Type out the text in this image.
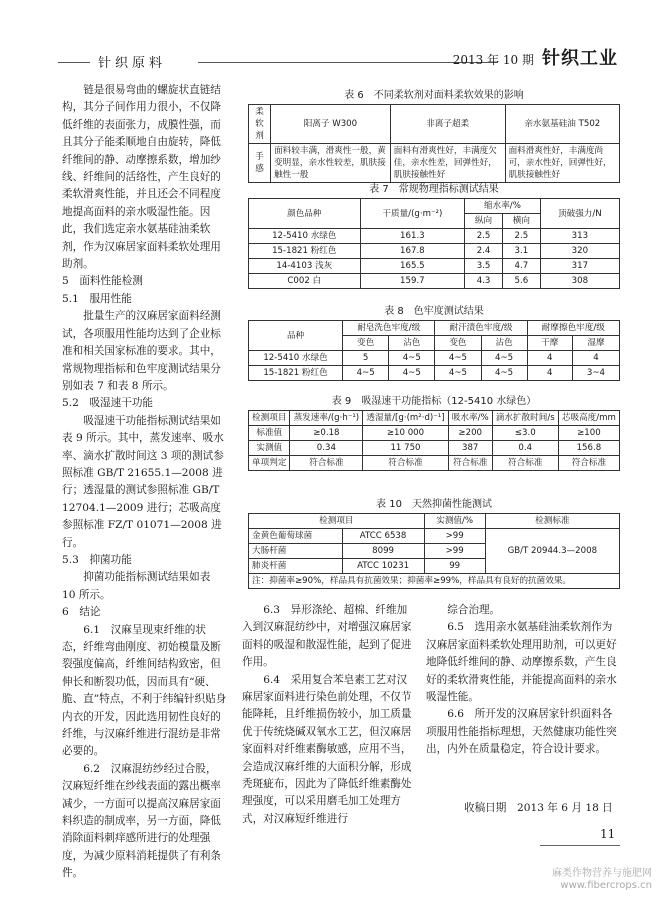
针织原料	2013 年 10 期 针织工业

链是很易弯曲的螺旋状直链结构，其分子间作用力很小，不仅降低纤维的表面张力，成膜性强，而且其分子能柔顺地自由旋转，降低纤维间的静、动摩擦系数，增加纱线、纤维间的活络性，产生良好的柔软滑爽性能，并且还会不同程度地提高面料的亲水吸湿性能。因此，我们选定亲水氨基硅油柔软剂，作为汉麻居家面料柔软处理用助剂。

5　面料性能检测

5.1　服用性能

批量生产的汉麻居家面料经测试，各项服用性能均达到了企业标准和相关国家标准的要求。其中，常规物理指标和色牢度测试结果分别如表 7 和表 8 所示。

5.2　吸湿速干功能

吸湿速干功能指标测试结果如表 9 所示。其中，蒸发速率、吸水率、滴水扩散时间这 3 项的测试参照标准 GB/T 21655.1—2008 进行；透湿量的测试参照标准 GB/T 12704.1—2009 进行；芯吸高度参照标准 FZ/T 01071—2008 进行。

5.3　抑菌功能

抑菌功能指标测试结果如表 10 所示。

6　结论

6.1　汉麻呈现束纤维的状态，纤维弯曲刚度、初始模量及断裂强度偏高，纤维间结构致密，但伸长和断裂功低，因而具有“硬、脆、直”特点，不利于纬编针织贴身内衣的开发，因此选用韧性良好的纤维，与汉麻纤维进行混纺是非常必要的。

6.2　汉麻混纺纱经过合股，汉麻短纤维在纱线表面的露出概率减少，一方面可以提高汉麻居家面料织造的制成率，另一方面，降低消除面料刺痒感所进行的处理强度，为减少原料消耗提供了有利条件。

表 6　不同柔软剂对面料柔软效果的影响
柔软剂	阳离子 W300	非离子超柔	亲水氨基硅油 T502
手感	面料较丰满，滑爽性一般，黄变明显，亲水性较差，肌肤接触性一般	面料有滑爽性好，丰满度欠佳，亲水性差，回弹性好，肌肤接触性好	面料滑爽性好，丰满度尚可，亲水性好，回弹性好，肌肤接触性好
表 7　常规物理指标测试结果
颜色品种	干质量/(g·m⁻²)	缩水率/%		顶破强力/N
		纵向	横向	
12-5410 水绿色	161.3	2.5	2.5	313
15-1821 粉红色	167.8	2.4	3.1	320
14-4103 浅灰	165.5	3.5	4.7	317
C002 白	159.7	4.3	5.6	308
表 8　色牢度测试结果
品种	耐皂洗色牢度/级		耐汗渍色牢度/级		耐摩擦色牢度/级	
	变色	沾色	变色	沾色	干摩	湿摩
12-5410 水绿色	5	4~5	4~5	4~5	4	4
15-1821 粉红色	4~5	4~5	4~5	4~5	4	3~4
表 9　吸湿速干功能指标（12-5410 水绿色）
检测项目	蒸发速率/(g·h⁻¹)	透湿量/[g·(m²·d)⁻¹]	吸水率/%	滴水扩散时间/s	芯吸高度/mm
标准值	≥0.18	≥10 000	≥200	≤3.0	≥100
实测值	0.34	11 750	387	0.4	156.8
单项判定	符合标准	符合标准	符合标准	符合标准	符合标准
表 10　天然抑菌性能测试
检测项目		实测值/%	检测标准
金黄色葡萄球菌	ATCC 6538	>99	GB/T 20944.3—2008
大肠杆菌	8099	>99	
肺炎杆菌	ATCC 10231	99	
注：抑菌率≥90%，样品具有抗菌效果；抑菌率≥99%，样品具有良好的抗菌效果。			

6.3　异形涤纶、超棉、纤维加入到汉麻混纺纱中，对增强汉麻居家面料的吸湿和散湿性能，起到了促进作用。

6.4　采用复合苯皂素工艺对汉麻居家面料进行染色前处理，不仅节能降耗，且纤维损伤较小，加工质量优于传统烧碱双氧水工艺，但汉麻居家面料对纤维素酶敏感，应用不当，会造成汉麻纤维的大面积分解，形成秃斑疵布，因此为了降低纤维素酶处理强度，可以采用磨毛加工处理方式，对汉麻短纤维进行

综合治理。

6.5　选用亲水氨基硅油柔软剂作为汉麻居家面料柔软处理用助剂，可以更好地降低纤维间的静、动摩擦系数，产生良好的柔软滑爽性能，并能提高面料的亲水吸湿性能。

6.6　所开发的汉麻居家针织面料各项服用性能指标理想，天然健康功能性突出，内外在质量稳定，符合设计要求。

收稿日期　2013 年 6 月 18 日
11
麻类作物营养与施肥网
www.fibercrops.cn
